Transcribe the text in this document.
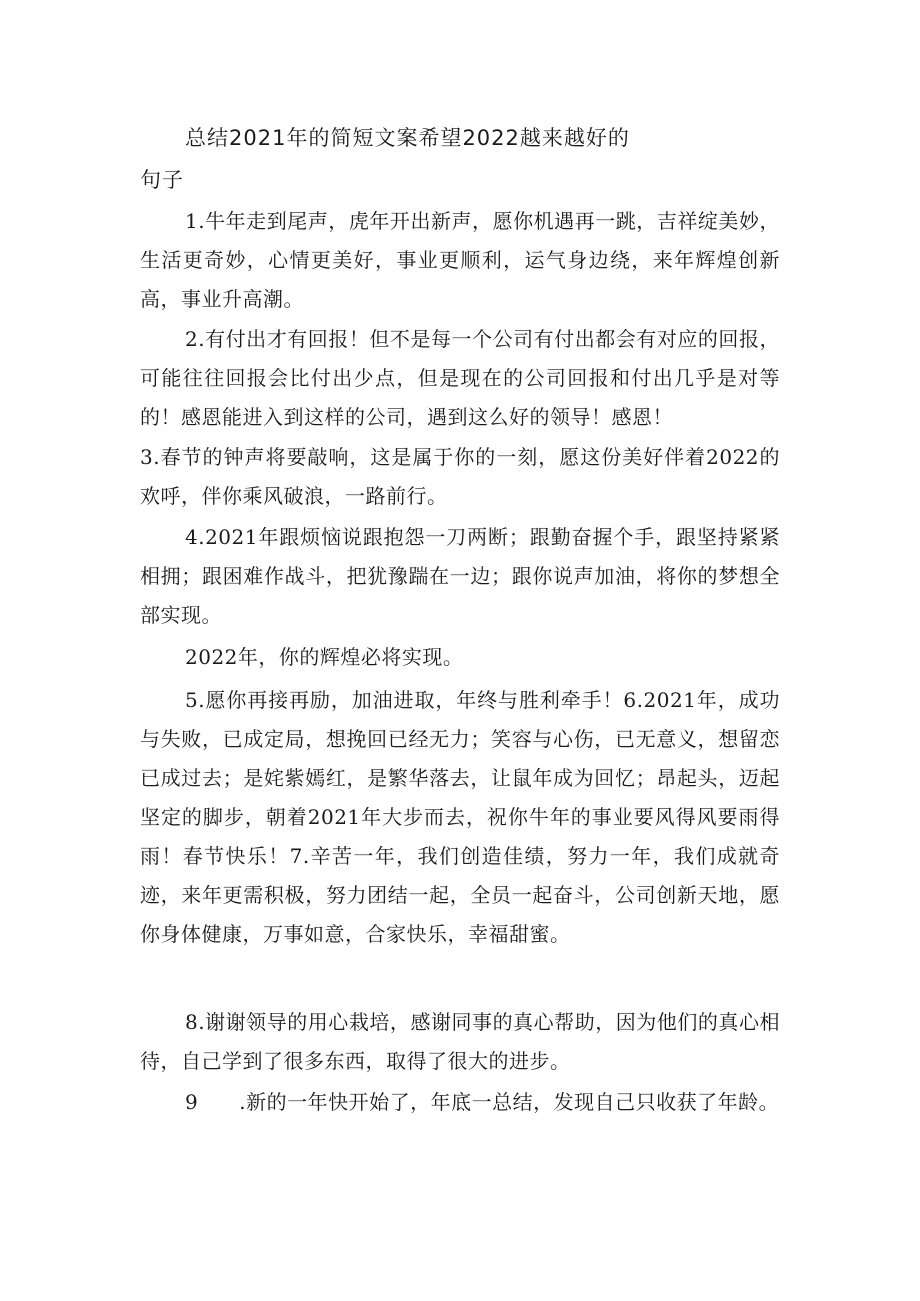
总结2021年的简短文案希望2022越来越好的
句子

1.牛年走到尾声，虎年开出新声，愿你机遇再一跳，吉祥绽美妙，生活更奇妙，心情更美好，事业更顺利，运气身边绕，来年辉煌创新高，事业升高潮。

2.有付出才有回报！但不是每一个公司有付出都会有对应的回报，可能往往回报会比付出少点，但是现在的公司回报和付出几乎是对等的！感恩能进入到这样的公司，遇到这么好的领导！感恩！

3.春节的钟声将要敲响，这是属于你的一刻，愿这份美好伴着2022的欢呼，伴你乘风破浪，一路前行。

4.2021年跟烦恼说跟抱怨一刀两断；跟勤奋握个手，跟坚持紧紧相拥；跟困难作战斗，把犹豫踹在一边；跟你说声加油，将你的梦想全部实现。

2022年，你的辉煌必将实现。

5.愿你再接再励，加油进取，年终与胜利牵手！6.2021年，成功与失败，已成定局，想挽回已经无力；笑容与心伤，已无意义，想留恋已成过去；是姹紫嫣红，是繁华落去，让鼠年成为回忆；昂起头，迈起坚定的脚步，朝着2021年大步而去，祝你牛年的事业要风得风要雨得雨！春节快乐！7.辛苦一年，我们创造佳绩，努力一年，我们成就奇迹，来年更需积极，努力团结一起，全员一起奋斗，公司创新天地，愿你身体健康，万事如意，合家快乐，幸福甜蜜。

8.谢谢领导的用心栽培，感谢同事的真心帮助，因为他们的真心相待，自己学到了很多东西，取得了很大的进步。

9　　.新的一年快开始了，年底一总结，发现自己只收获了年龄。
